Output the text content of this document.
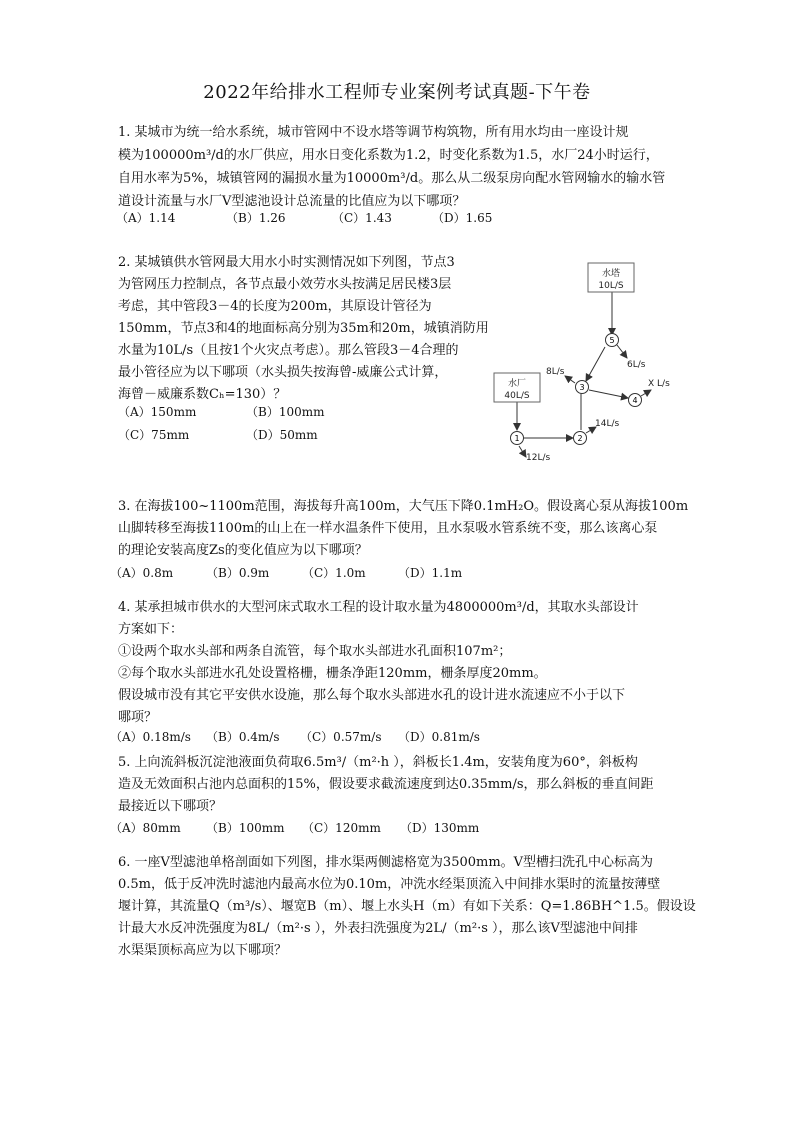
2022年给排水工程师专业案例考试真题-下午卷
1. 某城市为统一给水系统，城市管网中不设水塔等调节构筑物，所有用水均由一座设计规
模为100000m³/d的水厂供应，用水日变化系数为1.2，时变化系数为1.5，水厂24小时运行，
自用水率为5%，城镇管网的漏损水量为10000m³/d。那么从二级泵房向配水管网输水的输水管
道设计流量与水厂V型滤池设计总流量的比值应为以下哪项？
（A）1.14	（B）1.26	（C）1.43	（D）1.65
2. 某城镇供水管网最大用水小时实测情况如下列图，节点3
为管网压力控制点，各节点最小效劳水头按满足居民楼3层
考虑，其中管段3－4的长度为200m，其原设计管径为
150mm，节点3和4的地面标高分别为35m和20m，城镇消防用
水量为10L/s（且按1个火灾点考虑）。那么管段3－4合理的
最小管径应为以下哪项（水头损失按海曾-威廉公式计算，
海曾－威廉系数Cₕ=130）？
（A）150mm	（B）100mm
（C）75mm	（D）50mm
水塔
10L/S
水厂
40L/S
5
3
4
2
1
6L/s
8L/s
X L/s
14L/s
12L/s
3. 在海拔100~1100m范围，海拔每升高100m，大气压下降0.1mH₂O。假设离心泵从海拔100m
山脚转移至海拔1100m的山上在一样水温条件下使用，且水泵吸水管系统不变，那么该离心泵
的理论安装高度Zs的变化值应为以下哪项？
（A）0.8m	（B）0.9m	（C）1.0m	（D）1.1m
4. 某承担城市供水的大型河床式取水工程的设计取水量为4800000m³/d，其取水头部设计
方案如下：
①设两个取水头部和两条自流管，每个取水头部进水孔面积107m²；
②每个取水头部进水孔处设置格栅，栅条净距120mm，栅条厚度20mm。
假设城市没有其它平安供水设施，那么每个取水头部进水孔的设计进水流速应不小于以下
哪项？
（A）0.18m/s （B）0.4m/s （C）0.57m/s （D）0.81m/s
5. 上向流斜板沉淀池液面负荷取6.5m³/（m²·h ），斜板长1.4m，安装角度为60°，斜板构
造及无效面积占池内总面积的15%，假设要求截流速度到达0.35mm/s，那么斜板的垂直间距
最接近以下哪项？
（A）80mm （B）100mm （C）120mm （D）130mm
6. 一座V型滤池单格剖面如下列图，排水渠两侧滤格宽为3500mm。V型槽扫洗孔中心标高为
0.5m，低于反冲洗时滤池内最高水位为0.10m，冲洗水经渠顶流入中间排水渠时的流量按薄壁
堰计算，其流量Q（m³/s）、堰宽B（m）、堰上水头H（m）有如下关系：Q=1.86BH^1.5。假设设
计最大水反冲洗强度为8L/（m²·s ），外表扫洗强度为2L/（m²·s ），那么该V型滤池中间排
水渠渠顶标高应为以下哪项？
